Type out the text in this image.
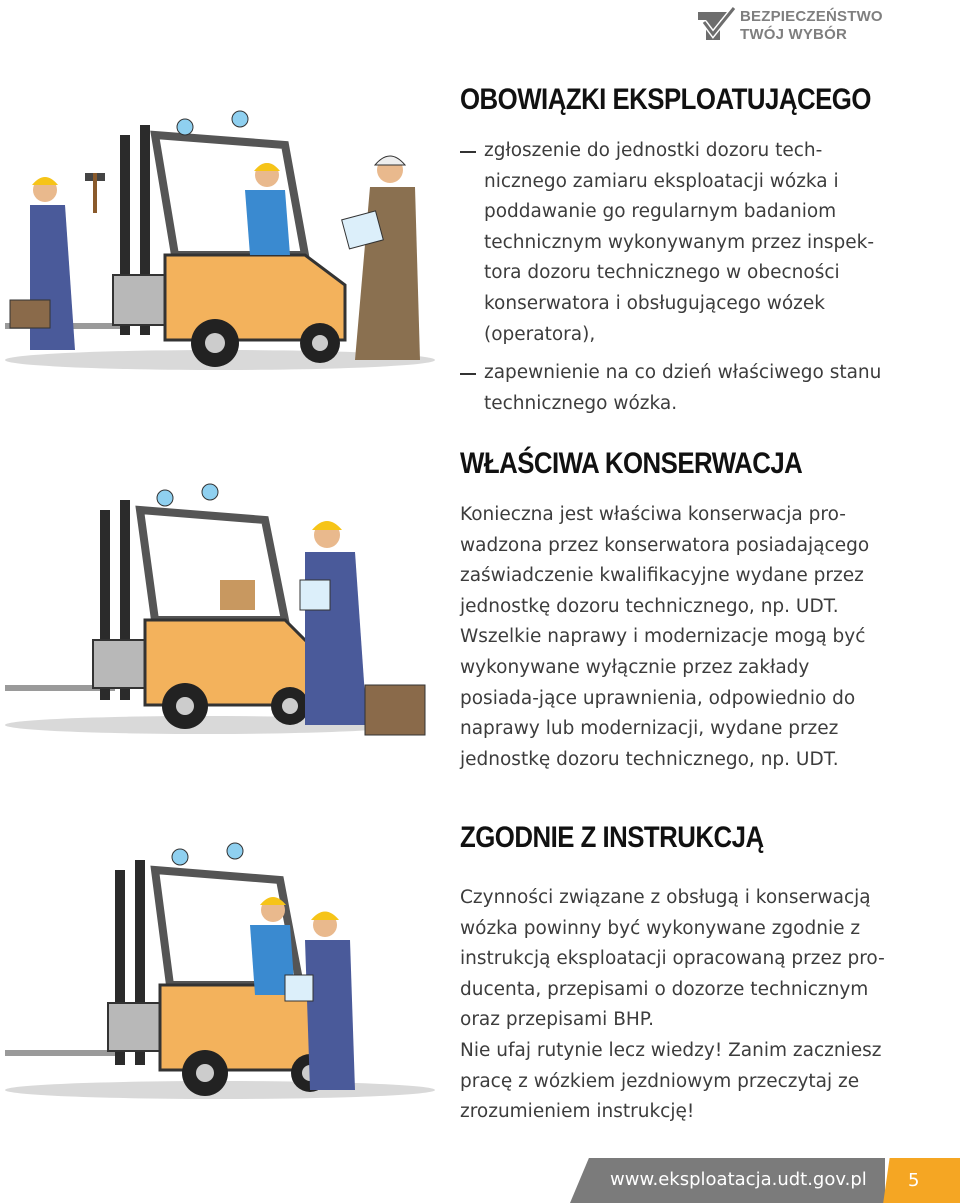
BEZPIECZEŃSTWO
TWÓJ WYBÓR
OBOWIĄZKI EKSPLOATUJĄCEGO
zgłoszenie do jednostki dozoru tech-nicznego zamiaru eksploatacji wózka i poddawanie go regularnym badaniom technicznym wykonywanym przez inspek-tora dozoru technicznego w obecności konserwatora i obsługującego wózek (operatora),
zapewnienie na co dzień właściwego stanu technicznego wózka.
WŁAŚCIWA KONSERWACJA

Konieczna jest właściwa konserwacja pro-wadzona przez konserwatora posiadającego zaświadczenie kwalifikacyjne wydane przez jednostkę dozoru technicznego, np. UDT.

Wszelkie naprawy i modernizacje mogą być wykonywane wyłącznie przez zakłady posiada-jące uprawnienia, odpowiednio do naprawy lub modernizacji, wydane przez jednostkę dozoru technicznego, np. UDT.

ZGODNIE Z INSTRUKCJĄ

Czynności związane z obsługą i konserwacją wózka powinny być wykonywane zgodnie z instrukcją eksploatacji opracowaną przez pro-ducenta, przepisami o dozorze technicznym oraz przepisami BHP.

Nie ufaj rutynie lecz wiedzy! Zanim zaczniesz pracę z wózkiem jezdniowym przeczytaj ze zrozumieniem instrukcję!

www.eksploatacja.udt.gov.pl 5
